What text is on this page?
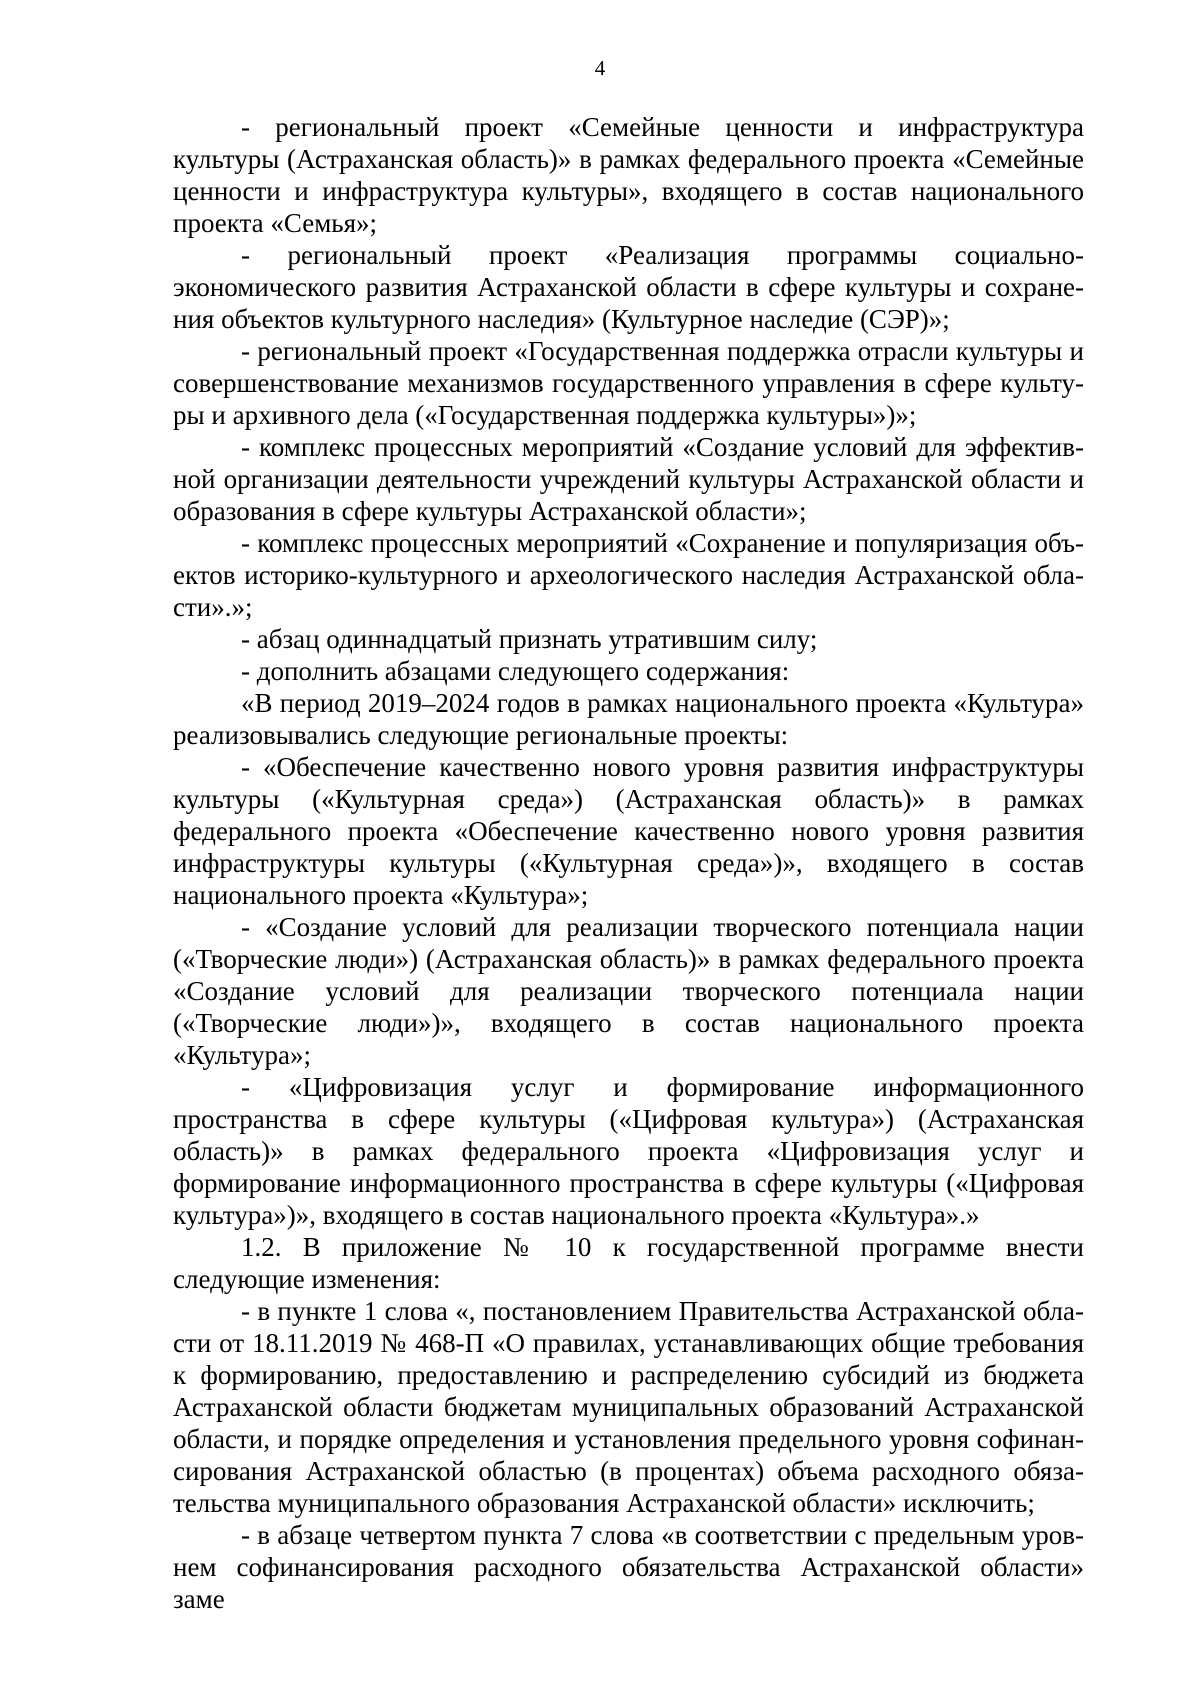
4

- региональный проект «Семейные ценности и инфраструктура культуры (Астраханская область)» в рамках федерального проекта «Семейные ценности и инфраструктура культуры», входящего в состав национального проекта «Семья»;

- региональный проект «Реализация программы социально-экономического развития Астраханской области в сфере культуры и сохранения объектов культурного наследия» (Культурное наследие (СЭР)»;

- региональный проект «Государственная поддержка отрасли культуры и совершенствование механизмов государственного управления в сфере культуры и архивного дела («Государственная поддержка культуры»)»;

- комплекс процессных мероприятий «Создание условий для эффективной организации деятельности учреждений культуры Астраханской области и образования в сфере культуры Астраханской области»;

- комплекс процессных мероприятий «Сохранение и популяризация объектов историко-культурного и археологического наследия Астраханской области».»;

- абзац одиннадцатый признать утратившим силу;

- дополнить абзацами следующего содержания:

«В период 2019–2024 годов в рамках национального проекта «Культура» реализовывались следующие региональные проекты:

- «Обеспечение качественно нового уровня развития инфраструктуры культуры («Культурная среда») (Астраханская область)» в рамках федерального проекта «Обеспечение качественно нового уровня развития инфраструктуры культуры («Культурная среда»)», входящего в состав национального проекта «Культура»;

- «Создание условий для реализации творческого потенциала нации («Творческие люди») (Астраханская область)» в рамках федерального проекта «Создание условий для реализации творческого потенциала нации («Творческие люди»)», входящего в состав национального проекта «Культура»;

- «Цифровизация услуг и формирование информационного пространства в сфере культуры («Цифровая культура») (Астраханская область)» в рамках федерального проекта «Цифровизация услуг и формирование информационного пространства в сфере культуры («Цифровая культура»)», входящего в состав национального проекта «Культура».»

1.2. В приложение № 10 к государственной программе внести следующие изменения:

- в пункте 1 слова «, постановлением Правительства Астраханской области от 18.11.2019 № 468-П «О правилах, устанавливающих общие требования к формированию, предоставлению и распределению субсидий из бюджета Астраханской области бюджетам муниципальных образований Астраханской области, и порядке определения и установления предельного уровня софинансирования Астраханской областью (в процентах) объема расходного обязательства муниципального образования Астраханской области» исключить;

- в абзаце четвертом пункта 7 слова «в соответствии с предельным уровнем софинансирования расходного обязательства Астраханской области» заме
